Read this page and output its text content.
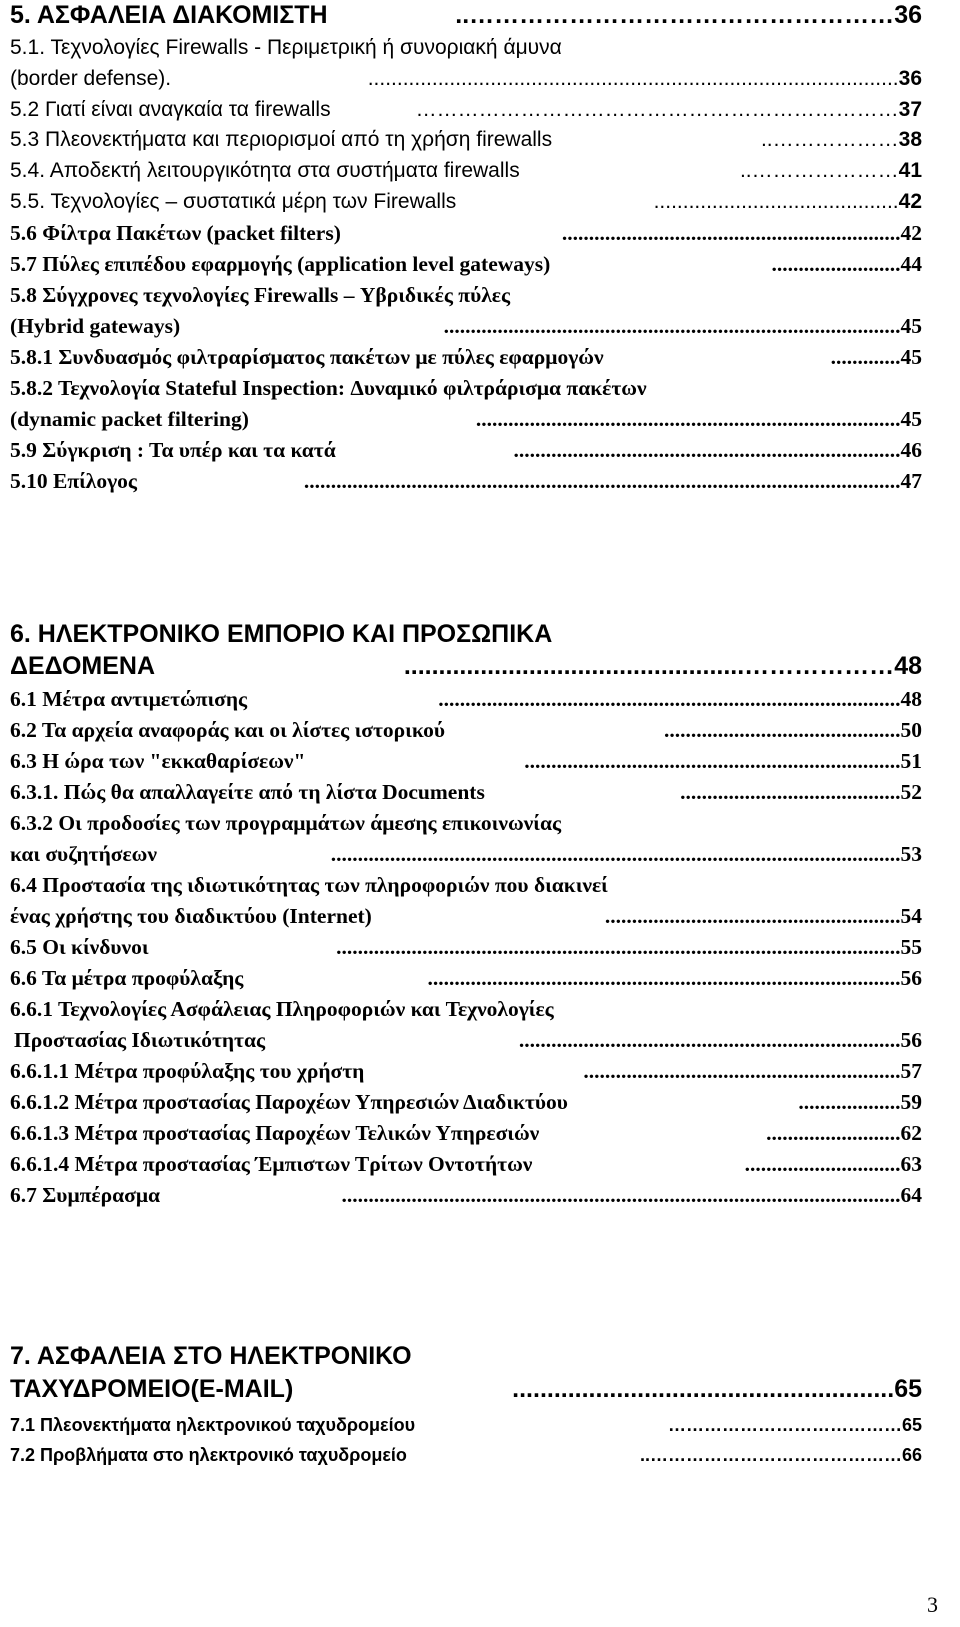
5. ΑΣΦΑΛΕΙΑ ΔΙΑΚΟΜΙΣΤΗ	…………………………………………….. 36
5.1. Τεχνολογίες Firewalls - Περιμετρική ή συνοριακή άμυνα
(border defense).	........................................................................................... 36
5.2 Γιατί είναι αναγκαία τα firewalls	…………………………………………………………… 37
5.3 Πλεονεκτήματα και περιορισμοί από τη χρήση firewalls	……………….. 38
5.4. Αποδεκτή λειτουργικότητα στα συστήματα firewalls	………………….. 41
5.5. Τεχνολογίες – συστατικά μέρη των Firewalls	.......................................... 42
5.6 Φίλτρα Πακέτων (packet filters)	............................................................... 42
5.7 Πύλες επιπέδου εφαρμογής (application level gateways)	........................ 44
5.8 Σύγχρονες τεχνολογίες Firewalls – Υβριδικές πύλες
(Hybrid gateways)	..................................................................................... 45
5.8.1 Συνδυασμός φιλτραρίσματος πακέτων με πύλες εφαρμογών	............. 45
5.8.2 Τεχνολογία Stateful Inspection: Δυναμικό φιλτράρισμα πακέτων
(dynamic packet filtering)	............................................................................... 45
5.9 Σύγκριση : Τα υπέρ και τα κατά	........................................................................ 46
5.10 Επίλογος	............................................................................................................... 47
6. ΗΛΕΚΤΡΟΝΙΚΟ ΕΜΠΟΡΙΟ ΚΑΙ ΠΡΟΣΩΠΙΚΑ
ΔΕΔΟΜΕΝΑ	………………................................................. 48
6.1 Μέτρα αντιμετώπισης	...................................................................................... 48
6.2 Τα αρχεία αναφοράς και οι λίστες ιστορικού	............................................ 50
6.3 Η ώρα των "εκκαθαρίσεων"	...................................................................... 51
6.3.1. Πώς θα απαλλαγείτε από τη λίστα Documents	......................................... 52
6.3.2 Οι προδοσίες των προγραμμάτων άμεσης επικοινωνίας
και συζητήσεων	.......................................................................................................... 53
6.4 Προστασία της ιδιωτικότητας των πληροφοριών που διακινεί
ένας χρήστης του διαδικτύου (Internet)	....................................................... 54
6.5 Οι κίνδυνοι	......................................................................................................... 55
6.6 Τα μέτρα προφύλαξης	........................................................................................ 56
6.6.1 Τεχνολογίες Ασφάλειας Πληροφοριών και Τεχνολογίες
Προστασίας Ιδιωτικότητας	....................................................................... 56
6.6.1.1 Μέτρα προφύλαξης του χρήστη	........................................................... 57
6.6.1.2 Μέτρα προστασίας Παροχέων Υπηρεσιών Διαδικτύου	................... 59
6.6.1.3 Μέτρα προστασίας Παροχέων Τελικών Υπηρεσιών	......................... 62
6.6.1.4 Μέτρα προστασίας Έμπιστων Τρίτων Οντοτήτων	............................. 63
6.7 Συμπέρασμα	........................................................................................................ 64
7. ΑΣΦΑΛΕΙΑ ΣΤΟ ΗΛΕΚΤΡΟΝΙΚΟ
ΤΑΧΥΔΡΟΜΕΙΟ(E-MAIL)	....................................................... 65
7.1 Πλεονεκτήματα ηλεκτρονικού ταχυδρομείου	………………………………… 65
7.2 Προβλήματα στο ηλεκτρονικό ταχυδρομείο	…………………………………….. 66
3
